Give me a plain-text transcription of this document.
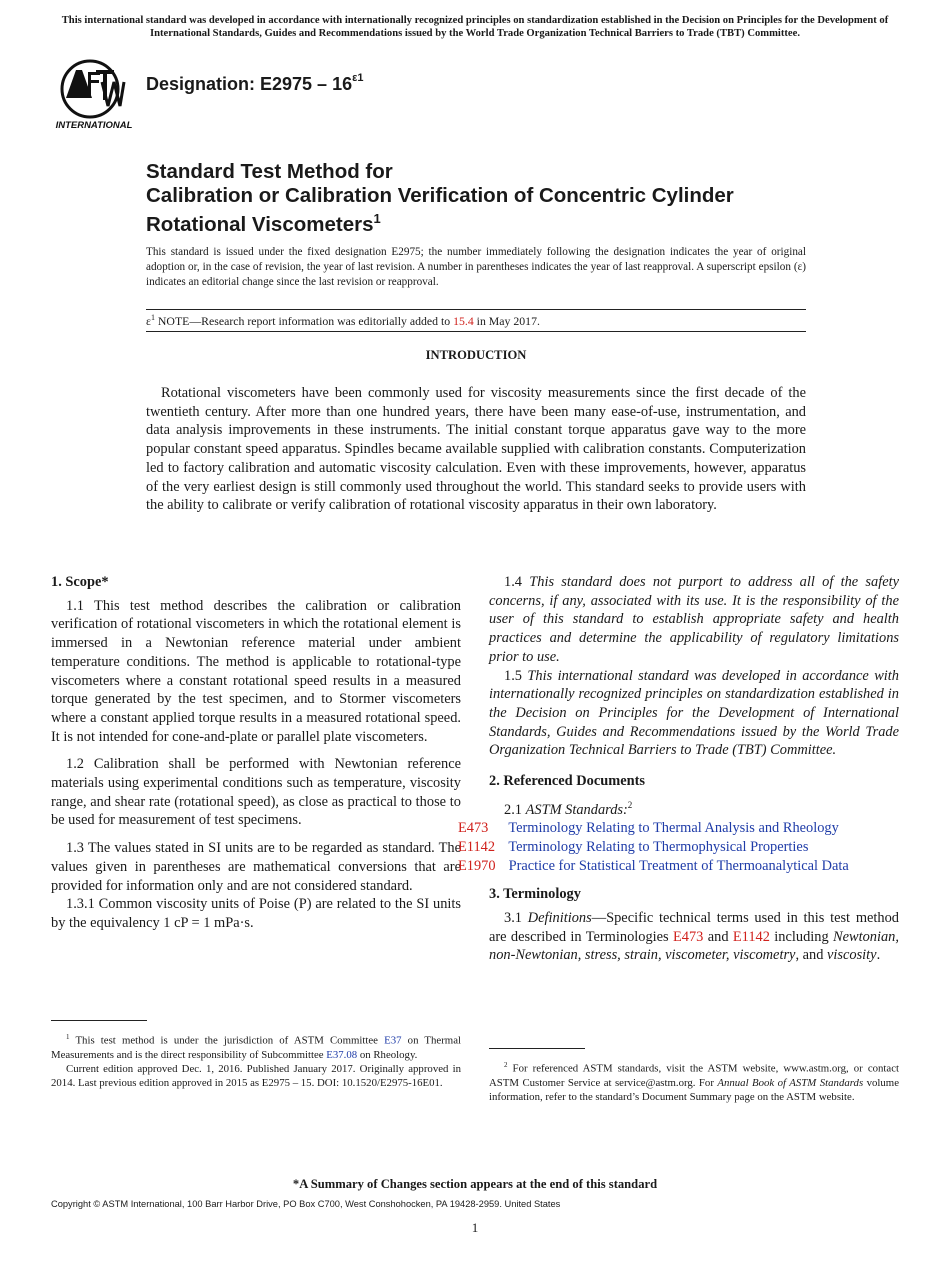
This international standard was developed in accordance with internationally recognized principles on standardization established in the Decision on Principles for the Development of International Standards, Guides and Recommendations issued by the World Trade Organization Technical Barriers to Trade (TBT) Committee.
INTERNATIONAL
Designation: $E2975 - 16^{\varepsilon 1}$
Standard Test Method for
Calibration or Calibration Verification of Concentric Cylinder
Rotational Viscometers$^1$
This standard is issued under the fixed designation E2975; the number immediately following the designation indicates the year of original adoption or, in the case of revision, the year of last revision. A number in parentheses indicates the year of last reapproval. A superscript epsilon (ε) indicates an editorial change since the last revision or reapproval.
$\varepsilon^1$ NOTE—Research report information was editorially added to 15.4 in May 2017.
INTRODUCTION
Rotational viscometers have been commonly used for viscosity measurements since the first decade of the twentieth century. After more than one hundred years, there have been many ease-of-use, instrumentation, and data analysis improvements in these instruments. The initial constant torque apparatus gave way to the more popular constant speed apparatus. Spindles became available supplied with calibration constants. Computerization led to factory calibration and automatic viscosity calculation. Even with these improvements, however, apparatus of the very earliest design is still commonly used throughout the world. This standard seeks to provide users with the ability to calibrate or verify calibration of rotational viscosity apparatus in their own laboratory.
1. Scope*

1.1 This test method describes the calibration or calibration verification of rotational viscometers in which the rotational element is immersed in a Newtonian reference material under ambient temperature conditions. The method is applicable to rotational-type viscometers where a constant rotational speed results in a measured torque generated by the test specimen, and to Stormer viscometers where a constant applied torque results in a measured rotational speed. It is not intended for cone-and-plate or parallel plate viscometers.

1.2 Calibration shall be performed with Newtonian reference materials using experimental conditions such as temperature, viscosity range, and shear rate (rotational speed), as close as practical to those to be used for measurement of test specimens.

1.3 The values stated in SI units are to be regarded as standard. The values given in parentheses are mathematical conversions that are provided for information only and are not considered standard.

1.3.1 Common viscosity units of Poise (P) are related to the SI units by the equivalency 1 cP = 1 mPa·s.

$^1$ This test method is under the jurisdiction of ASTM Committee E37 on Thermal Measurements and is the direct responsibility of Subcommittee E37.08 on Rheology.

Current edition approved Dec. 1, 2016. Published January 2017. Originally approved in 2014. Last previous edition approved in 2015 as E2975 – 15. DOI: 10.1520/E2975-16E01.

1.4 This standard does not purport to address all of the safety concerns, if any, associated with its use. It is the responsibility of the user of this standard to establish appropriate safety and health practices and determine the applicability of regulatory limitations prior to use.

1.5 This international standard was developed in accordance with internationally recognized principles on standardization established in the Decision on Principles for the Development of International Standards, Guides and Recommendations issued by the World Trade Organization Technical Barriers to Trade (TBT) Committee.

2. Referenced Documents

2.1 ASTM Standards:$^2$

E473 Terminology Relating to Thermal Analysis and Rheology
E1142 Terminology Relating to Thermophysical Properties
E1970 Practice for Statistical Treatment of Thermoanalytical Data
3. Terminology

3.1 Definitions—Specific technical terms used in this test method are described in Terminologies E473 and E1142 including Newtonian, non-Newtonian, stress, strain, viscometer, viscometry, and viscosity.

$^2$ For referenced ASTM standards, visit the ASTM website, www.astm.org, or contact ASTM Customer Service at service@astm.org. For Annual Book of ASTM Standards volume information, refer to the standard’s Document Summary page on the ASTM website.

*A Summary of Changes section appears at the end of this standard
Copyright © ASTM International, 100 Barr Harbor Drive, PO Box C700, West Conshohocken, PA 19428-2959. United States
1
